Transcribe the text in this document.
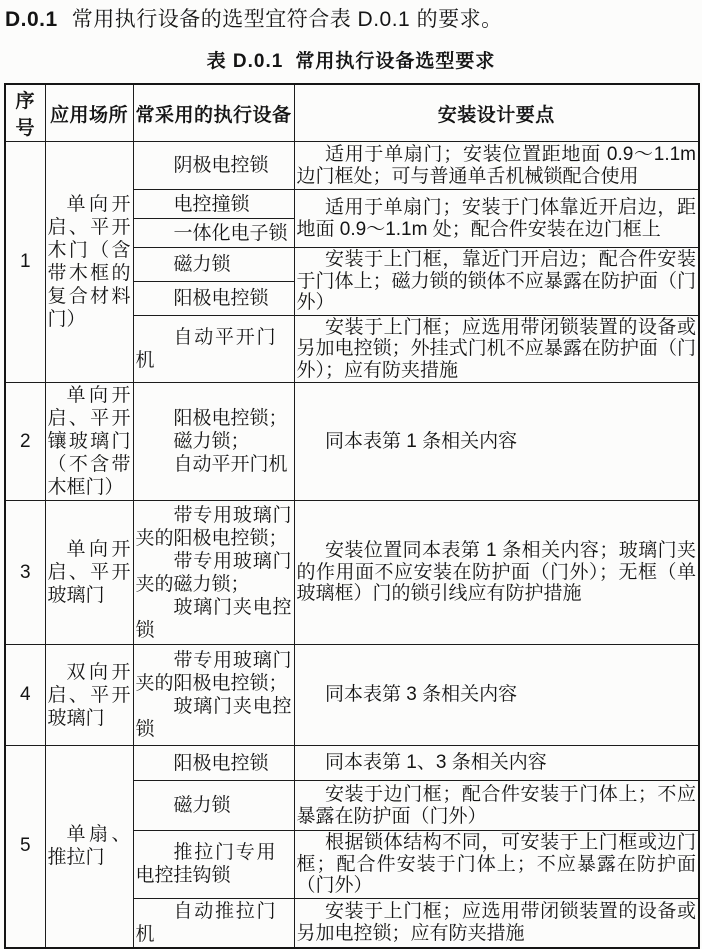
D.0.1 常用执行设备的选型宜符合表 D.0.1 的要求。
表 D.0.1 常用执行设备选型要求
序号	应用场所	常采用的执行设备	安装设计要点
1	单向开启、平开木门（含带木框的复合材料门）	阴极电控锁	适用于单扇门；安装位置距地面 0.9～1.1m 边门框处；可与普通单舌机械锁配合使用

		电控撞锁	适用于单扇门；安装于门体靠近开启边，距地面 0.9～1.1m 处；配合件安装在边门框上

		一体化电子锁	

		磁力锁	安装于上门框，靠近门开启边；配合件安装于门体上；磁力锁的锁体不应暴露在防护面（门外）

		阳极电控锁	

		自动平开门机	安装于上门框；应选用带闭锁装置的设备或另加电控锁；外挂式门机不应暴露在防护面（门外）；应有防夹措施

2	单向开启、平开镶玻璃门（不含带木框门）	阳极电控锁；
磁力锁；
自动平开门机	同本表第 1 条相关内容

3	单向开启、平开玻璃门	带专用玻璃门夹的阳极电控锁；
带专用玻璃门夹的磁力锁；
玻璃门夹电控锁	安装位置同本表第 1 条相关内容；玻璃门夹的作用面不应安装在防护面（门外）；无框（单玻璃框）门的锁引线应有防护措施

4	双向开启、平开玻璃门	带专用玻璃门夹的阳极电控锁；
玻璃门夹电控锁	同本表第 3 条相关内容

5	单扇、推拉门	阳极电控锁	同本表第 1、3 条相关内容

		磁力锁	安装于边门框；配合件安装于门体上；不应暴露在防护面（门外）

		推拉门专用电控挂钩锁	根据锁体结构不同，可安装于上门框或边门框；配合件安装于门体上；不应暴露在防护面（门外）

		自动推拉门机	安装于上门框；应选用带闭锁装置的设备或另加电控锁；应有防夹措施
